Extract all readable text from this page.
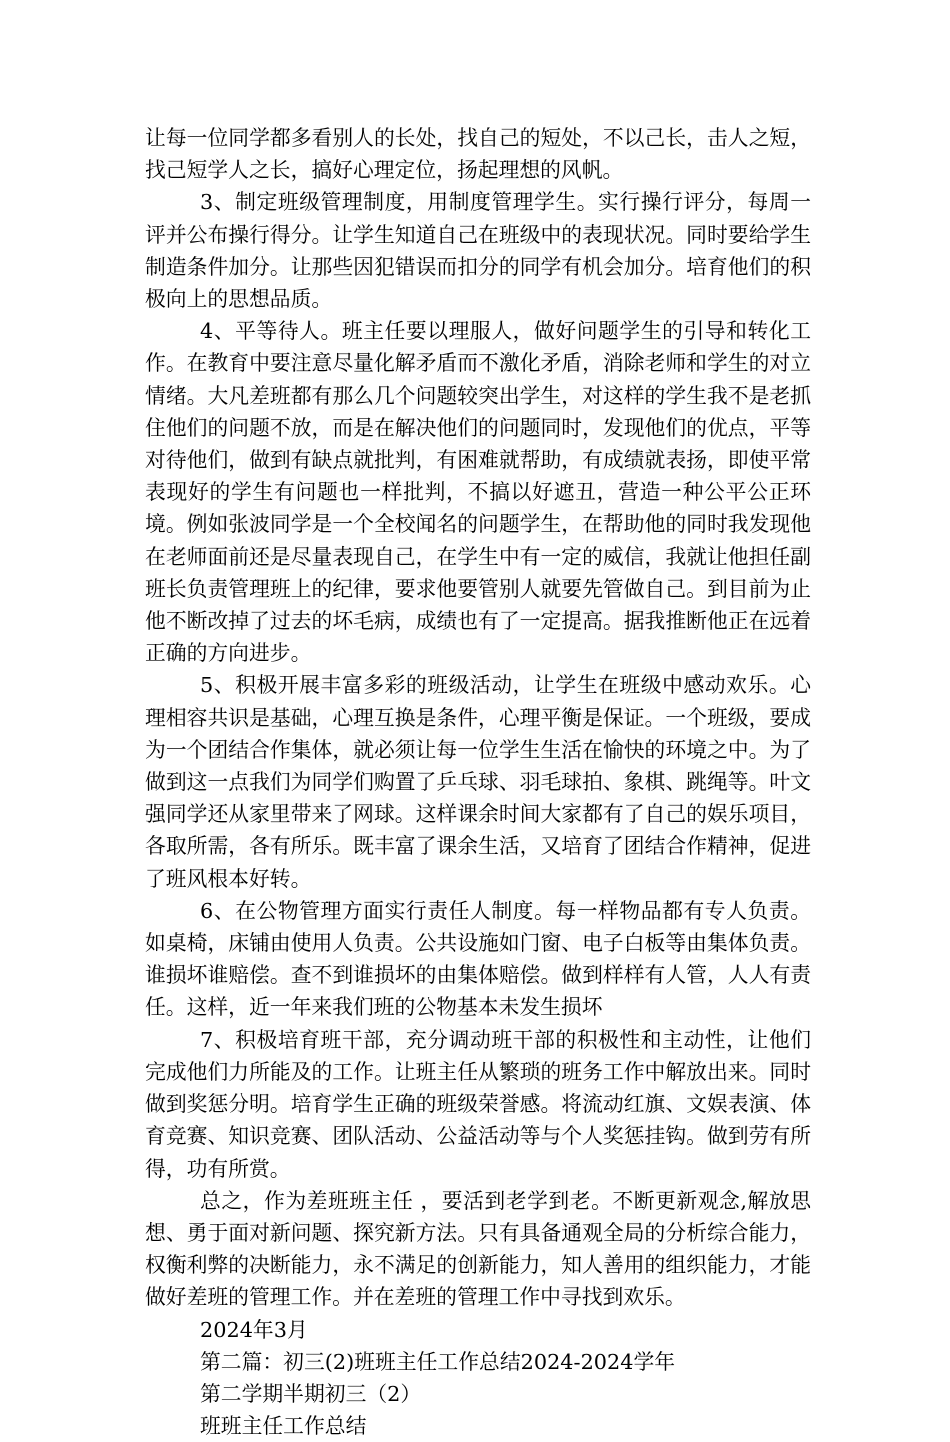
让每一位同学都多看别人的长处，找自己的短处，不以己长，击人之短，找己短学人之长，搞好心理定位，扬起理想的风帆。

3、制定班级管理制度，用制度管理学生。实行操行评分，每周一评并公布操行得分。让学生知道自己在班级中的表现状况。同时要给学生制造条件加分。让那些因犯错误而扣分的同学有机会加分。培育他们的积极向上的思想品质。

4、平等待人。班主任要以理服人，做好问题学生的引导和转化工作。在教育中要注意尽量化解矛盾而不激化矛盾，消除老师和学生的对立情绪。大凡差班都有那么几个问题较突出学生，对这样的学生我不是老抓住他们的问题不放，而是在解决他们的问题同时，发现他们的优点，平等对待他们，做到有缺点就批判，有困难就帮助，有成绩就表扬，即使平常表现好的学生有问题也一样批判，不搞以好遮丑，营造一种公平公正环境。例如张波同学是一个全校闻名的问题学生，在帮助他的同时我发现他在老师面前还是尽量表现自己，在学生中有一定的威信，我就让他担任副班长负责管理班上的纪律，要求他要管别人就要先管做自己。到目前为止他不断改掉了过去的坏毛病，成绩也有了一定提高。据我推断他正在远着正确的方向进步。

5、积极开展丰富多彩的班级活动，让学生在班级中感动欢乐。心理相容共识是基础，心理互换是条件，心理平衡是保证。一个班级，要成为一个团结合作集体，就必须让每一位学生生活在愉快的环境之中。为了做到这一点我们为同学们购置了乒乓球、羽毛球拍、象棋、跳绳等。叶文强同学还从家里带来了网球。这样课余时间大家都有了自己的娱乐项目，各取所需，各有所乐。既丰富了课余生活，又培育了团结合作精神，促进了班风根本好转。

6、在公物管理方面实行责任人制度。每一样物品都有专人负责。如桌椅，床铺由使用人负责。公共设施如门窗、电子白板等由集体负责。谁损坏谁赔偿。查不到谁损坏的由集体赔偿。做到样样有人管，人人有责任。这样，近一年来我们班的公物基本未发生损坏

7、积极培育班干部，充分调动班干部的积极性和主动性，让他们完成他们力所能及的工作。让班主任从繁琐的班务工作中解放出来。同时做到奖惩分明。培育学生正确的班级荣誉感。将流动红旗、文娱表演、体育竞赛、知识竞赛、团队活动、公益活动等与个人奖惩挂钩。做到劳有所得，功有所赏。

总之，作为差班班主任 ，要活到老学到老。不断更新观念,解放思想、勇于面对新问题、探究新方法。只有具备通观全局的分析综合能力，权衡利弊的决断能力，永不满足的创新能力，知人善用的组织能力，才能做好差班的管理工作。并在差班的管理工作中寻找到欢乐。

2024年3月

第二篇：初三(2)班班主任工作总结2024-2024学年

第二学期半期初三（2）

班班主任工作总结
